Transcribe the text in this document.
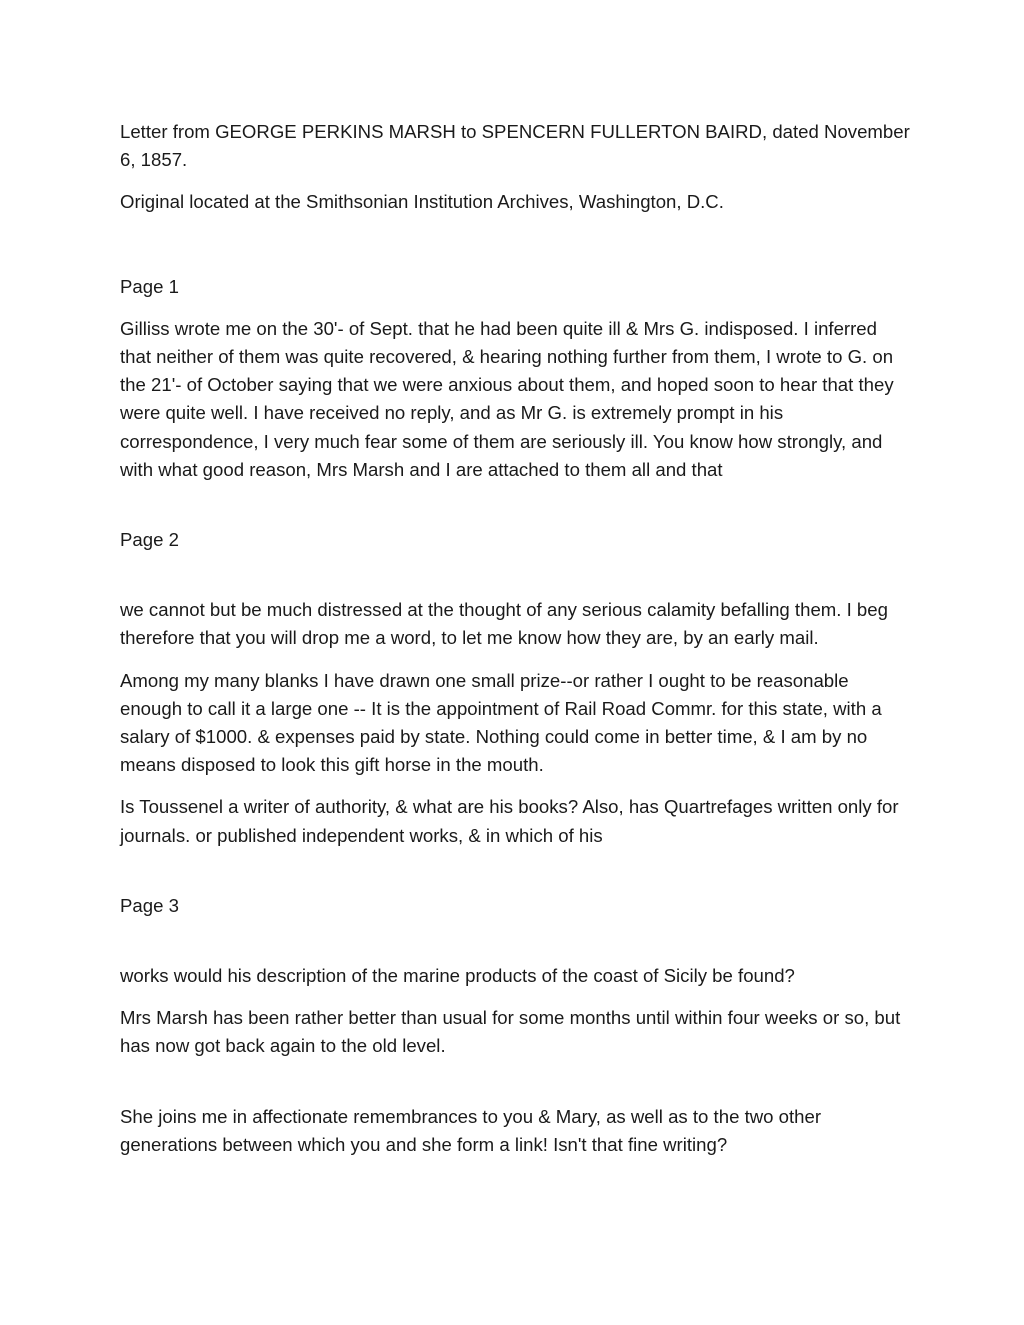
Letter from GEORGE PERKINS MARSH to SPENCERN FULLERTON BAIRD, dated November 6, 1857.

Original located at the Smithsonian Institution Archives, Washington, D.C.

Page 1

Gilliss wrote me on the 30'- of Sept. that he had been quite ill & Mrs G. indisposed. I inferred that neither of them was quite recovered, & hearing nothing further from them, I wrote to G. on the 21'- of October saying that we were anxious about them, and hoped soon to hear that they were quite well. I have received no reply, and as Mr G. is extremely prompt in his correspondence, I very much fear some of them are seriously ill. You know how strongly, and with what good reason, Mrs Marsh and I are attached to them all and that

Page 2

we cannot but be much distressed at the thought of any serious calamity befalling them. I beg therefore that you will drop me a word, to let me know how they are, by an early mail.

Among my many blanks I have drawn one small prize--or rather I ought to be reasonable enough to call it a large one -- It is the appointment of Rail Road Commr. for this state, with a salary of $1000. & expenses paid by state. Nothing could come in better time, & I am by no means disposed to look this gift horse in the mouth.

Is Toussenel a writer of authority, & what are his books? Also, has Quartrefages written only for journals. or published independent works, & in which of his

Page 3

works would his description of the marine products of the coast of Sicily be found?

Mrs Marsh has been rather better than usual for some months until within four weeks or so, but has now got back again to the old level.

She joins me in affectionate remembrances to you & Mary, as well as to the two other generations between which you and she form a link! Isn't that fine writing?
